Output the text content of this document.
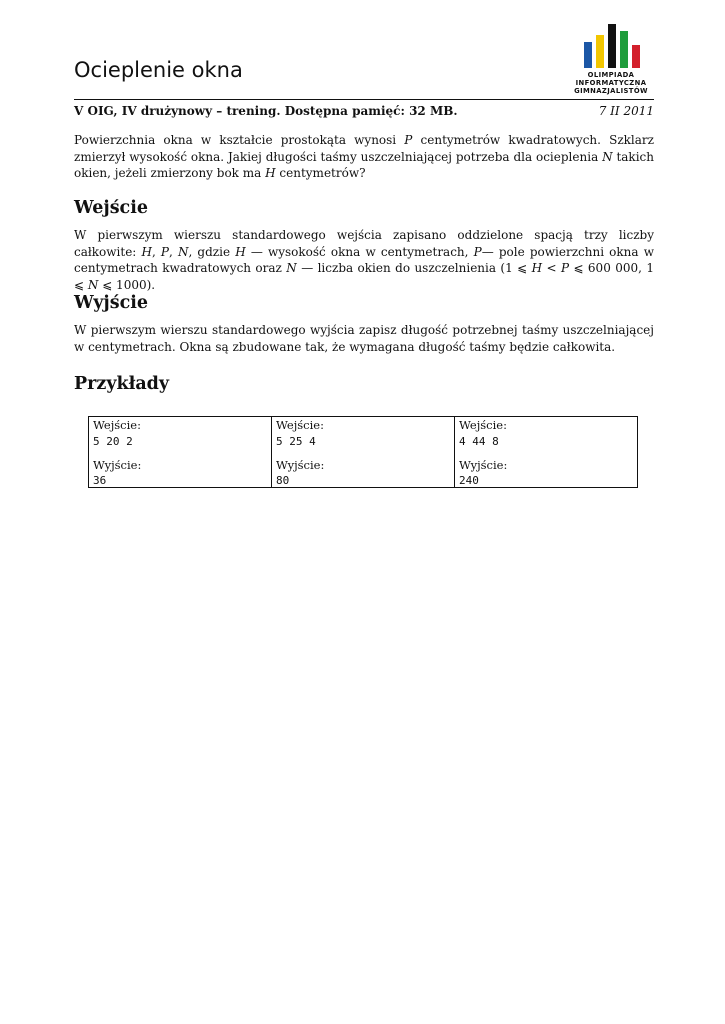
Ocieplenie okna	OLIMPIADA
INFORMATYCZNA
GIMNAZJALISTÓW
V OIG, IV drużynowy – trening. Dostępna pamięć: 32 MB.	7 II 2011

Powierzchnia okna w kształcie prostokąta wynosi P centymetrów kwadratowych. Szklarz zmierzył wysokość okna. Jakiej długości taśmy uszczelniającej potrzeba dla ocieplenia N takich okien, jeżeli zmierzony bok ma H centymetrów?

Wejście

W pierwszym wierszu standardowego wejścia zapisano oddzielone spacją trzy liczby całkowite: H, P, N, gdzie H — wysokość okna w centymetrach, P— pole powierzchni okna w centymetrach kwadratowych oraz N — liczba okien do uszczelnienia (1 ⩽ H < P ⩽ 600 000, 1 ⩽ N ⩽ 1000).

Wyjście

W pierwszym wierszu standardowego wyjścia zapisz długość potrzebnej taśmy uszczelniającej w centymetrach. Okna są zbudowane tak, że wymagana długość taśmy będzie całkowita.

Przykłady
Wejście:
5 20 2
Wyjście:
36
Wejście:
5 25 4
Wyjście:
80
Wejście:
4 44 8
Wyjście:
240
